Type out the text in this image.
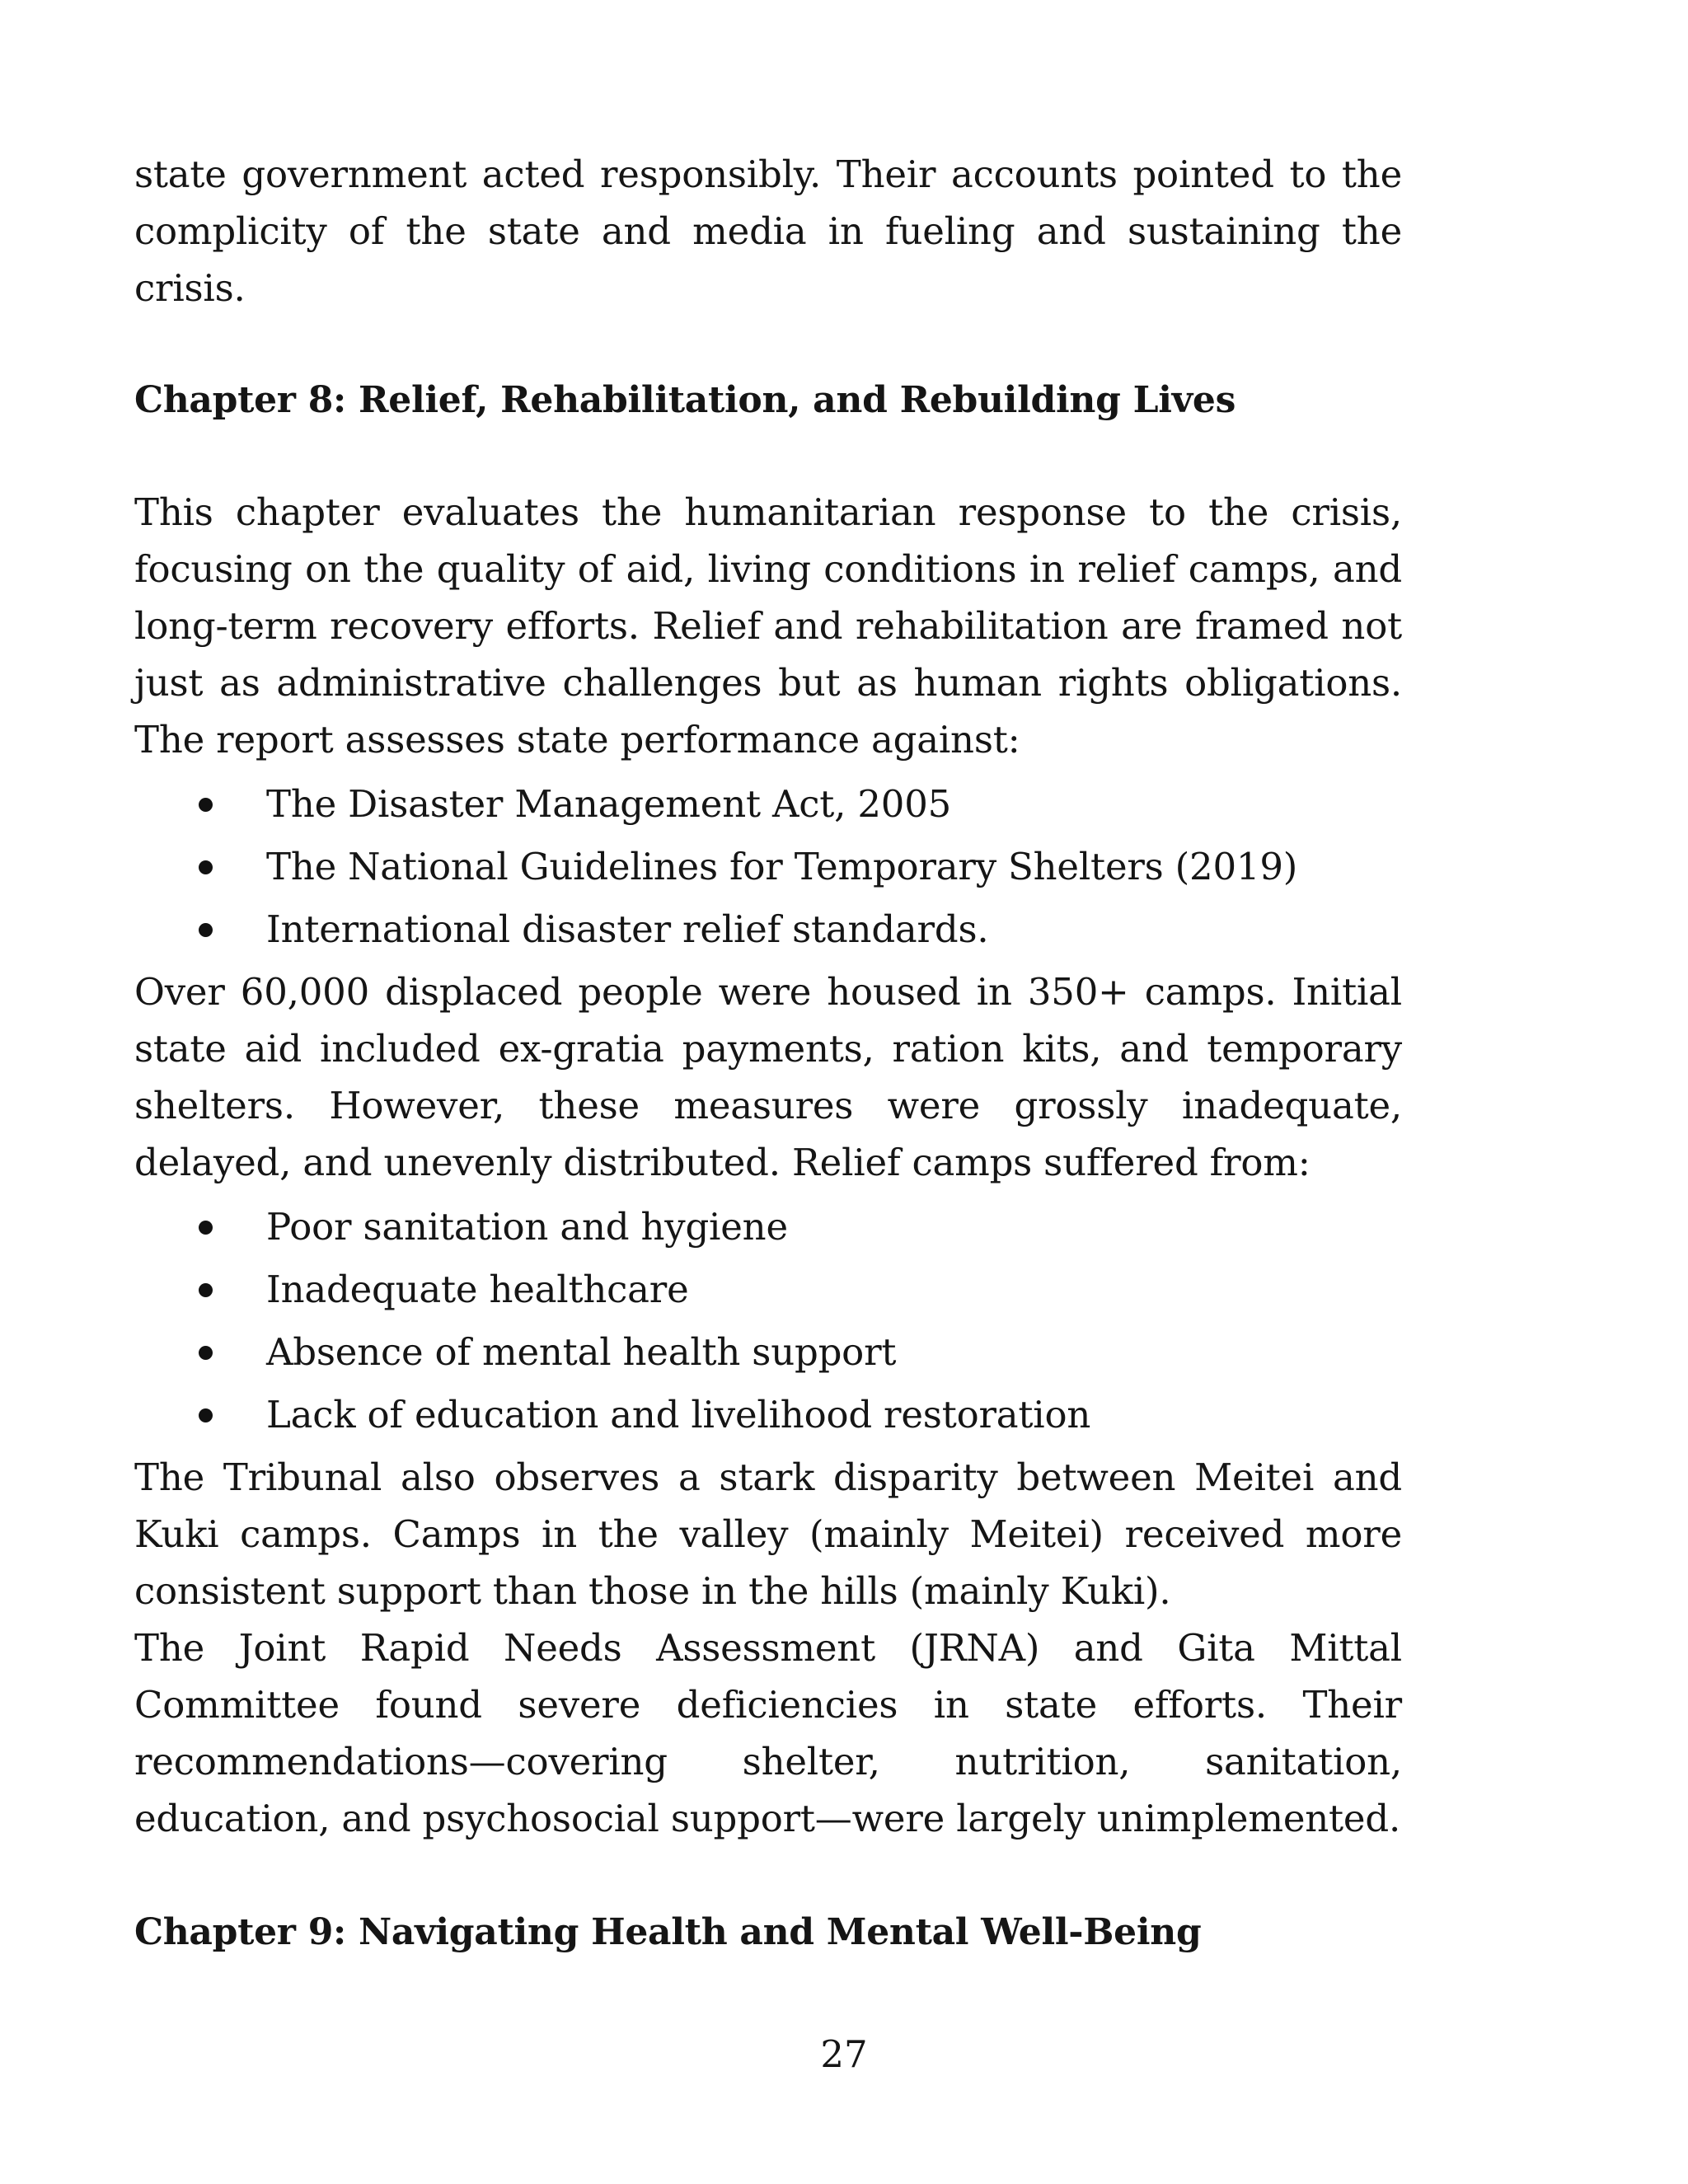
state government acted responsibly. Their accounts pointed to the complicity of the state and media in fueling and sustaining the crisis.

Chapter 8: Relief, Rehabilitation, and Rebuilding Lives

This chapter evaluates the humanitarian response to the crisis, focusing on the quality of aid, living conditions in relief camps, and long-term recovery efforts. Relief and rehabilitation are framed not just as administrative challenges but as human rights obligations. The report assesses state performance against:

The Disaster Management Act, 2005
The National Guidelines for Temporary Shelters (2019)
International disaster relief standards.

Over 60,000 displaced people were housed in 350+ camps. Initial state aid included ex-gratia payments, ration kits, and temporary shelters. However, these measures were grossly inadequate, delayed, and unevenly distributed. Relief camps suffered from:

Poor sanitation and hygiene
Inadequate healthcare
Absence of mental health support
Lack of education and livelihood restoration

The Tribunal also observes a stark disparity between Meitei and Kuki camps. Camps in the valley (mainly Meitei) received more consistent support than those in the hills (mainly Kuki).

The Joint Rapid Needs Assessment (JRNA) and Gita Mittal Committee found severe deficiencies in state efforts. Their recommendations—covering shelter, nutrition, sanitation, education, and psychosocial support—were largely unimplemented.

Chapter 9: Navigating Health and Mental Well-Being
27
